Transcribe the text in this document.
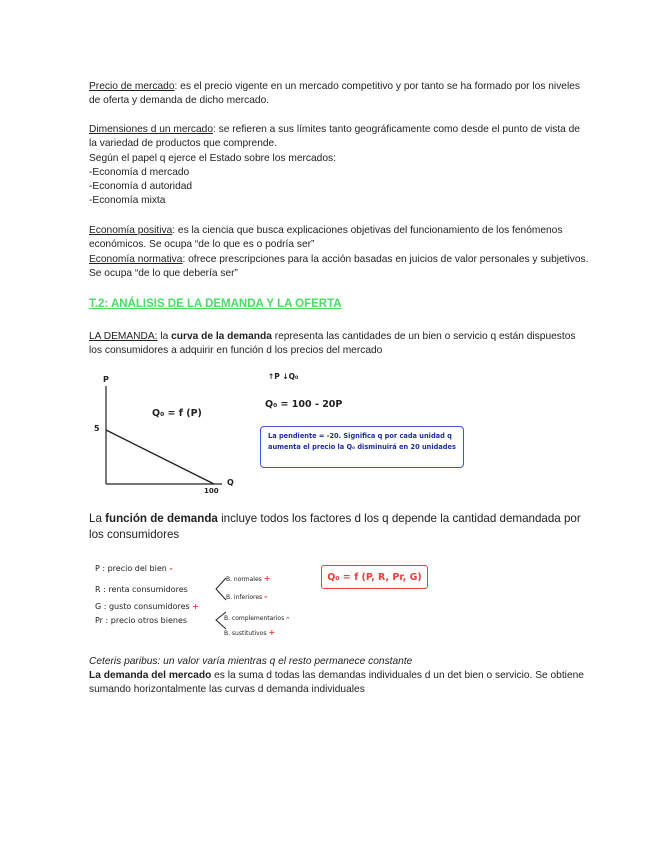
Precio de mercado: es el precio vigente en un mercado competitivo y por tanto se ha formado por los niveles de oferta y demanda de dicho mercado.

Dimensiones d un mercado: se refieren a sus límites tanto geográficamente como desde el punto de vista de la variedad de productos que comprende.
Según el papel q ejerce el Estado sobre los mercados:
-Economía d mercado
-Economía d autoridad
-Economía mixta

Economía positiva: es la ciencia que busca explicaciones objetivas del funcionamiento de los fenómenos económicos. Se ocupa “de lo que es o podría ser”
Economía normativa: ofrece prescripciones para la acción basadas en juicios de valor personales y subjetivos. Se ocupa “de lo que debería ser”

T.2: ANÁLISIS DE LA DEMANDA Y LA OFERTA

LA DEMANDA: la curva de la demanda representa las cantidades de un bien o servicio q están dispuestos los consumidores a adquirir en función d los precios del mercado

P

Q

5

100

Q₀ = f (P)

↑P ↓Q₀

Q₀ = 100 - 20P

La pendiente = -20. Significa q por cada unidad q aumenta el precio la Q₀ disminuirá en 20 unidades

La función de demanda incluye todos los factores d los q depende la cantidad demandada por los consumidores

P : precio del bien -

R : renta consumidores

G : gusto consumidores +

Pr : precio otros bienes

B. normales +

B. inferiores -

B. complementarios -

B. sustitutivos +

Q₀ = f (P, R, Pr, G)

Ceteris paribus: un valor varía mientras q el resto permanece constante

La demanda del mercado es la suma d todas las demandas individuales d un det bien o servicio. Se obtiene sumando horizontalmente las curvas d demanda individuales
